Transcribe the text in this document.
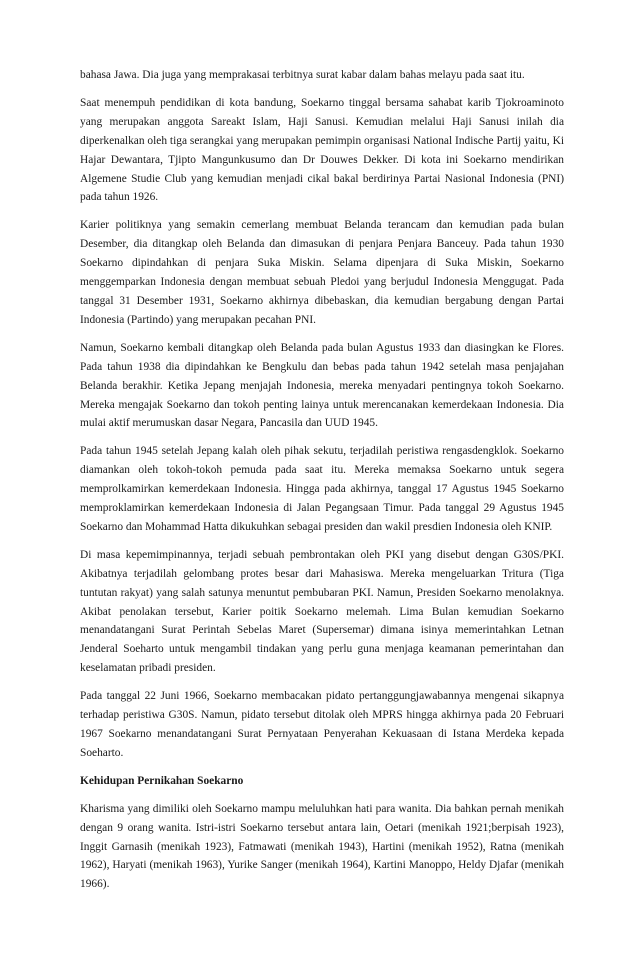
bahasa Jawa. Dia juga yang memprakasai terbitnya surat kabar dalam bahas melayu pada saat itu.

Saat menempuh pendidikan di kota bandung, Soekarno tinggal bersama sahabat karib Tjokroaminoto yang merupakan anggota Sareakt Islam, Haji Sanusi. Kemudian melalui Haji Sanusi inilah dia diperkenalkan oleh tiga serangkai yang merupakan pemimpin organisasi National Indische Partij yaitu, Ki Hajar Dewantara, Tjipto Mangunkusumo dan Dr Douwes Dekker. Di kota ini Soekarno mendirikan Algemene Studie Club yang kemudian menjadi cikal bakal berdirinya Partai Nasional Indonesia (PNI) pada tahun 1926.

Karier politiknya yang semakin cemerlang membuat Belanda terancam dan kemudian pada bulan Desember, dia ditangkap oleh Belanda dan dimasukan di penjara Penjara Banceuy. Pada tahun 1930 Soekarno dipindahkan di penjara Suka Miskin. Selama dipenjara di Suka Miskin, Soekarno menggemparkan Indonesia dengan membuat sebuah Pledoi yang berjudul Indonesia Menggugat. Pada tanggal 31 Desember 1931, Soekarno akhirnya dibebaskan, dia kemudian bergabung dengan Partai Indonesia (Partindo) yang merupakan pecahan PNI.

Namun, Soekarno kembali ditangkap oleh Belanda pada bulan Agustus 1933 dan diasingkan ke Flores. Pada tahun 1938 dia dipindahkan ke Bengkulu dan bebas pada tahun 1942 setelah masa penjajahan Belanda berakhir. Ketika Jepang menjajah Indonesia, mereka menyadari pentingnya tokoh Soekarno. Mereka mengajak Soekarno dan tokoh penting lainya untuk merencanakan kemerdekaan Indonesia. Dia mulai aktif merumuskan dasar Negara, Pancasila dan UUD 1945.

Pada tahun 1945 setelah Jepang kalah oleh pihak sekutu, terjadilah peristiwa rengasdengklok. Soekarno diamankan oleh tokoh-tokoh pemuda pada saat itu. Mereka memaksa Soekarno untuk segera memprolkamirkan kemerdekaan Indonesia. Hingga pada akhirnya, tanggal 17 Agustus 1945 Soekarno memproklamirkan kemerdekaan Indonesia di Jalan Pegangsaan Timur. Pada tanggal 29 Agustus 1945 Soekarno dan Mohammad Hatta dikukuhkan sebagai presiden dan wakil presdien Indonesia oleh KNIP.

Di masa kepemimpinannya, terjadi sebuah pembrontakan oleh PKI yang disebut dengan G30S/PKI. Akibatnya terjadilah gelombang protes besar dari Mahasiswa. Mereka mengeluarkan Tritura (Tiga tuntutan rakyat) yang salah satunya menuntut pembubaran PKI. Namun, Presiden Soekarno menolaknya. Akibat penolakan tersebut, Karier poitik Soekarno melemah. Lima Bulan kemudian Soekarno menandatangani Surat Perintah Sebelas Maret (Supersemar) dimana isinya memerintahkan Letnan Jenderal Soeharto untuk mengambil tindakan yang perlu guna menjaga keamanan pemerintahan dan keselamatan pribadi presiden.

Pada tanggal 22 Juni 1966, Soekarno membacakan pidato pertanggungjawabannya mengenai sikapnya terhadap peristiwa G30S. Namun, pidato tersebut ditolak oleh MPRS hingga akhirnya pada 20 Februari 1967 Soekarno menandatangani Surat Pernyataan Penyerahan Kekuasaan di Istana Merdeka kepada Soeharto.

Kehidupan Pernikahan Soekarno

Kharisma yang dimiliki oleh Soekarno mampu meluluhkan hati para wanita. Dia bahkan pernah menikah dengan 9 orang wanita. Istri-istri Soekarno tersebut antara lain, Oetari (menikah 1921;berpisah 1923), Inggit Garnasih (menikah 1923), Fatmawati (menikah 1943), Hartini (menikah 1952), Ratna (menikah 1962), Haryati (menikah 1963), Yurike Sanger (menikah 1964), Kartini Manoppo, Heldy Djafar (menikah 1966).
